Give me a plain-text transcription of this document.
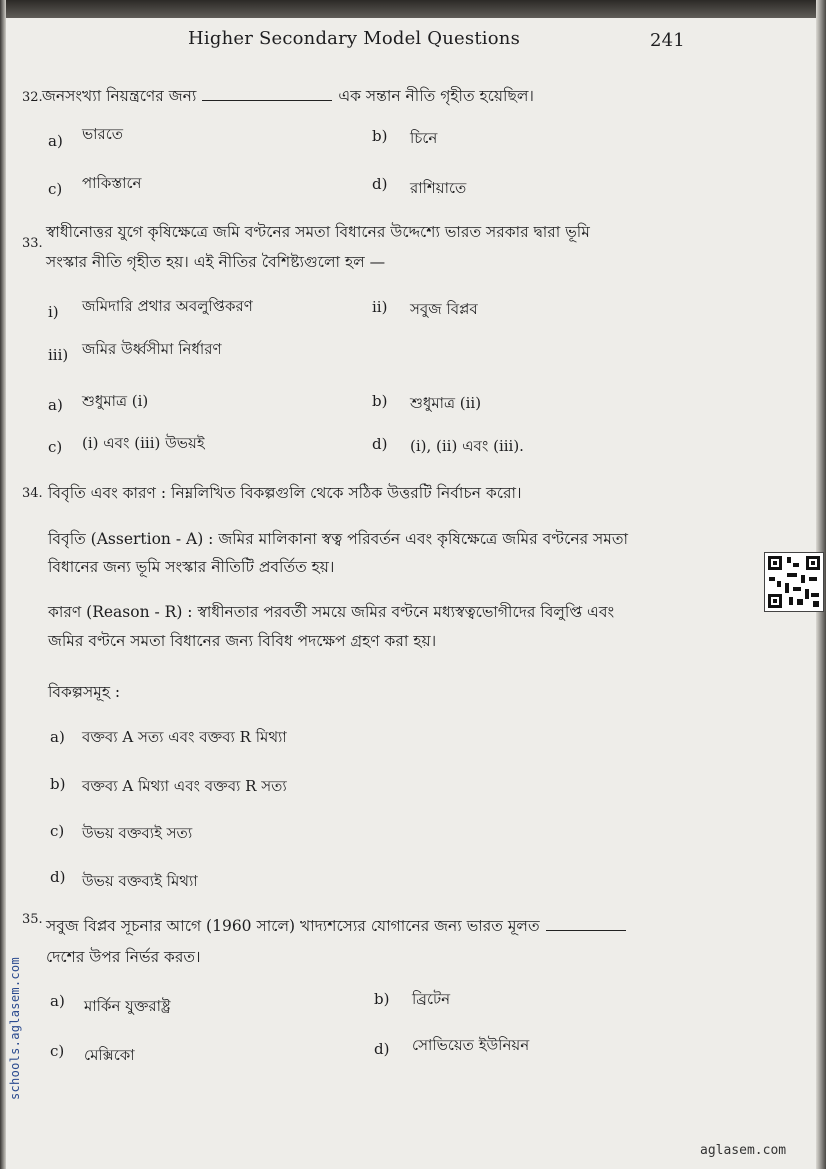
Higher Secondary Model Questions	241
32. জনসংখ্যা নিয়ন্ত্রণের জন্য	এক সন্তান নীতি গৃহীত হয়েছিল।
a) ভারতে	b) চিনে
c) পাকিস্তানে	d) রাশিয়াতে
33.
স্বাধীনোত্তর যুগে কৃষিক্ষেত্রে জমি বণ্টনের সমতা বিধানের উদ্দেশ্যে ভারত সরকার দ্বারা ভূমি
সংস্কার নীতি গৃহীত হয়। এই নীতির বৈশিষ্ট্যগুলো হল —
i) জমিদারি প্রথার অবলুপ্তিকরণ	ii) সবুজ বিপ্লব
iii) জমির উর্ধ্বসীমা নির্ধারণ
a) শুধুমাত্র (i)	b) শুধুমাত্র (ii)
c) (i) এবং (iii) উভয়ই	d) (i), (ii) এবং (iii).
34. বিবৃতি এবং কারণ : নিম্নলিখিত বিকল্পগুলি থেকে সঠিক উত্তরটি নির্বাচন করো।
বিবৃতি (Assertion - A) : জমির মালিকানা স্বত্ব পরিবর্তন এবং কৃষিক্ষেত্রে জমির বণ্টনের সমতা
বিধানের জন্য ভূমি সংস্কার নীতিটি প্রবর্তিত হয়।
কারণ (Reason - R) : স্বাধীনতার পরবর্তী সময়ে জমির বণ্টনে মধ্যস্বত্বভোগীদের বিলুপ্তি এবং
জমির বণ্টনে সমতা বিধানের জন্য বিবিধ পদক্ষেপ গ্রহণ করা হয়।
বিকল্পসমূহ :
a) বক্তব্য A সত্য এবং বক্তব্য R মিথ্যা
b) বক্তব্য A মিথ্যা এবং বক্তব্য R সত্য
c) উভয় বক্তব্যই সত্য
d) উভয় বক্তব্যই মিথ্যা
35. সবুজ বিপ্লব সূচনার আগে (1960 সালে) খাদ্যশস্যের যোগানের জন্য ভারত মূলত
দেশের উপর নির্ভর করত।
a) মার্কিন যুক্তরাষ্ট্র	b) ব্রিটেন
c) মেক্সিকো	d) সোভিয়েত ইউনিয়ন
schools.aglasem.com
aglasem.com
